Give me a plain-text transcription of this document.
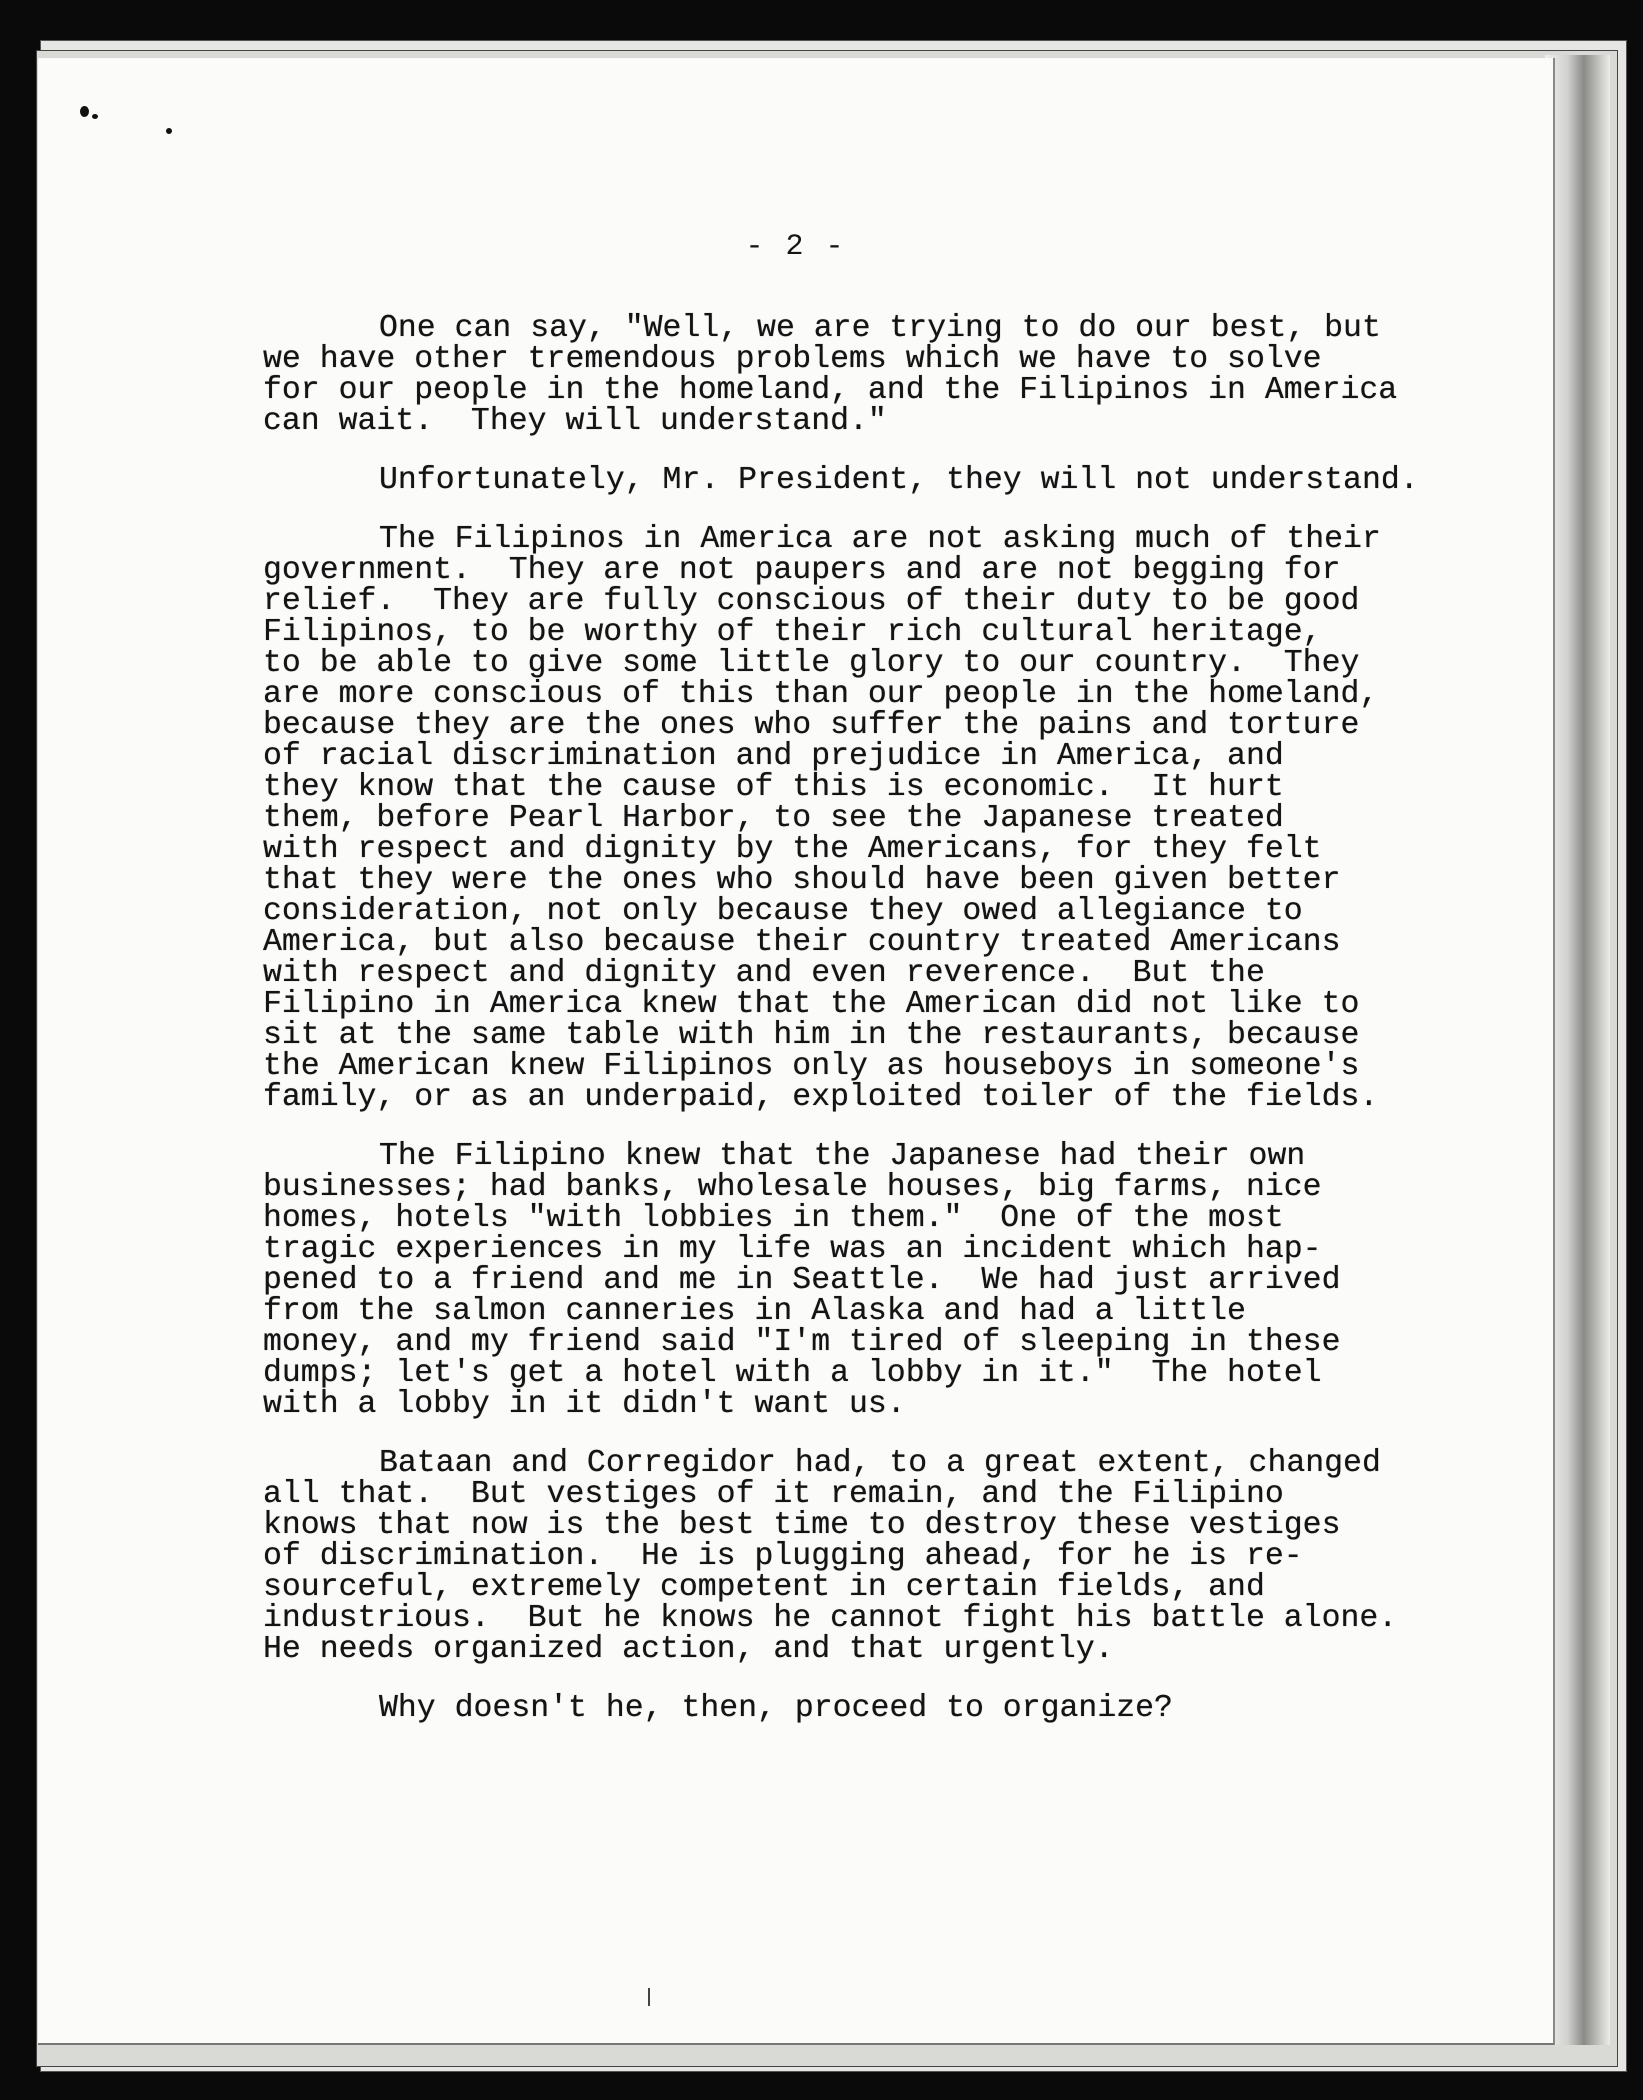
- 2 -
One can say, "Well, we are trying to do our best, but
we have other tremendous problems which we have to solve
for our people in the homeland, and the Filipinos in America
can wait.  They will understand."
Unfortunately, Mr. President, they will not understand.
The Filipinos in America are not asking much of their
government.  They are not paupers and are not begging for
relief.  They are fully conscious of their duty to be good
Filipinos, to be worthy of their rich cultural heritage,
to be able to give some little glory to our country.  They
are more conscious of this than our people in the homeland,
because they are the ones who suffer the pains and torture
of racial discrimination and prejudice in America, and
they know that the cause of this is economic.  It hurt
them, before Pearl Harbor, to see the Japanese treated
with respect and dignity by the Americans, for they felt
that they were the ones who should have been given better
consideration, not only because they owed allegiance to
America, but also because their country treated Americans
with respect and dignity and even reverence.  But the
Filipino in America knew that the American did not like to
sit at the same table with him in the restaurants, because
the American knew Filipinos only as houseboys in someone's
family, or as an underpaid, exploited toiler of the fields.
The Filipino knew that the Japanese had their own
businesses; had banks, wholesale houses, big farms, nice
homes, hotels "with lobbies in them."  One of the most
tragic experiences in my life was an incident which hap-
pened to a friend and me in Seattle.  We had just arrived
from the salmon canneries in Alaska and had a little
money, and my friend said "I'm tired of sleeping in these
dumps; let's get a hotel with a lobby in it."  The hotel
with a lobby in it didn't want us.
Bataan and Corregidor had, to a great extent, changed
all that.  But vestiges of it remain, and the Filipino
knows that now is the best time to destroy these vestiges
of discrimination.  He is plugging ahead, for he is re-
sourceful, extremely competent in certain fields, and
industrious.  But he knows he cannot fight his battle alone.
He needs organized action, and that urgently.
Why doesn't he, then, proceed to organize?
